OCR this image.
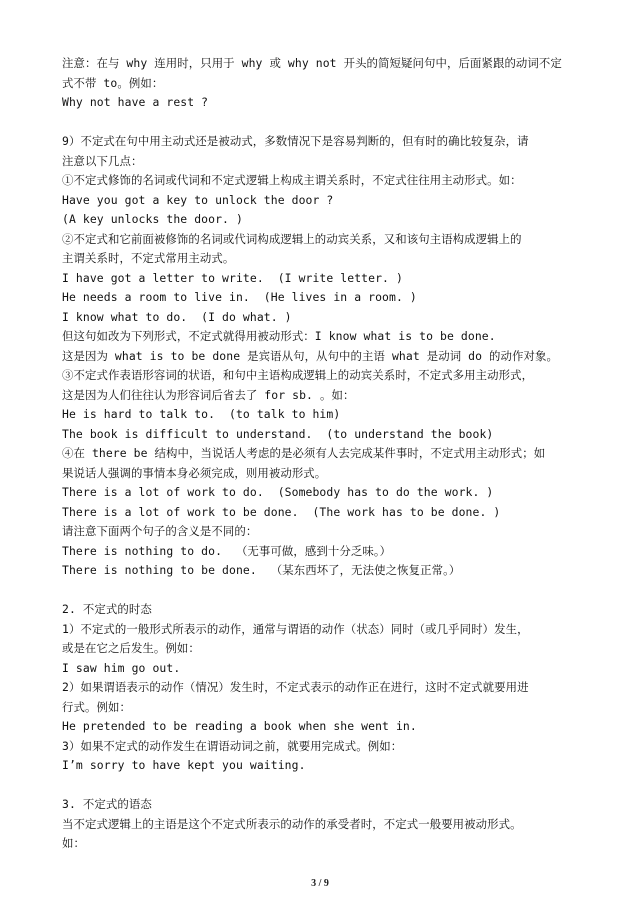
注意：在与 why 连用时，只用于 why 或 why not 开头的简短疑问句中，后面紧跟的动词不定
式不带 to。例如：
Why not have a rest ?
9）不定式在句中用主动式还是被动式，多数情况下是容易判断的，但有时的确比较复杂，请
注意以下几点：
①不定式修饰的名词或代词和不定式逻辑上构成主谓关系时，不定式往往用主动形式。如：
Have you got a key to unlock the door ?
(A key unlocks the door. )
②不定式和它前面被修饰的名词或代词构成逻辑上的动宾关系，又和该句主语构成逻辑上的
主谓关系时，不定式常用主动式。
I have got a letter to write.  (I write letter. )
He needs a room to live in.  (He lives in a room. )
I know what to do.  (I do what. )
但这句如改为下列形式，不定式就得用被动形式：I know what is to be done.
这是因为 what is to be done 是宾语从句，从句中的主语 what 是动词 do 的动作对象。
③不定式作表语形容词的状语，和句中主语构成逻辑上的动宾关系时，不定式多用主动形式，
这是因为人们往往认为形容词后省去了 for sb. 。如：
He is hard to talk to.  (to talk to him)
The book is difficult to understand.  (to understand the book)
④在 there be 结构中，当说话人考虑的是必须有人去完成某件事时，不定式用主动形式；如
果说话人强调的事情本身必须完成，则用被动形式。
There is a lot of work to do.  (Somebody has to do the work. )
There is a lot of work to be done.  (The work has to be done. )
请注意下面两个句子的含义是不同的：
There is nothing to do.  （无事可做，感到十分乏味。）
There is nothing to be done.  （某东西坏了，无法使之恢复正常。）
2. 不定式的时态
1）不定式的一般形式所表示的动作，通常与谓语的动作（状态）同时（或几乎同时）发生，
或是在它之后发生。例如：
I saw him go out.
2）如果谓语表示的动作（情况）发生时，不定式表示的动作正在进行，这时不定式就要用进
行式。例如：
He pretended to be reading a book when she went in.
3）如果不定式的动作发生在谓语动词之前，就要用完成式。例如：
I’m sorry to have kept you waiting.
3. 不定式的语态
当不定式逻辑上的主语是这个不定式所表示的动作的承受者时，不定式一般要用被动形式。
如：
3 / 9
